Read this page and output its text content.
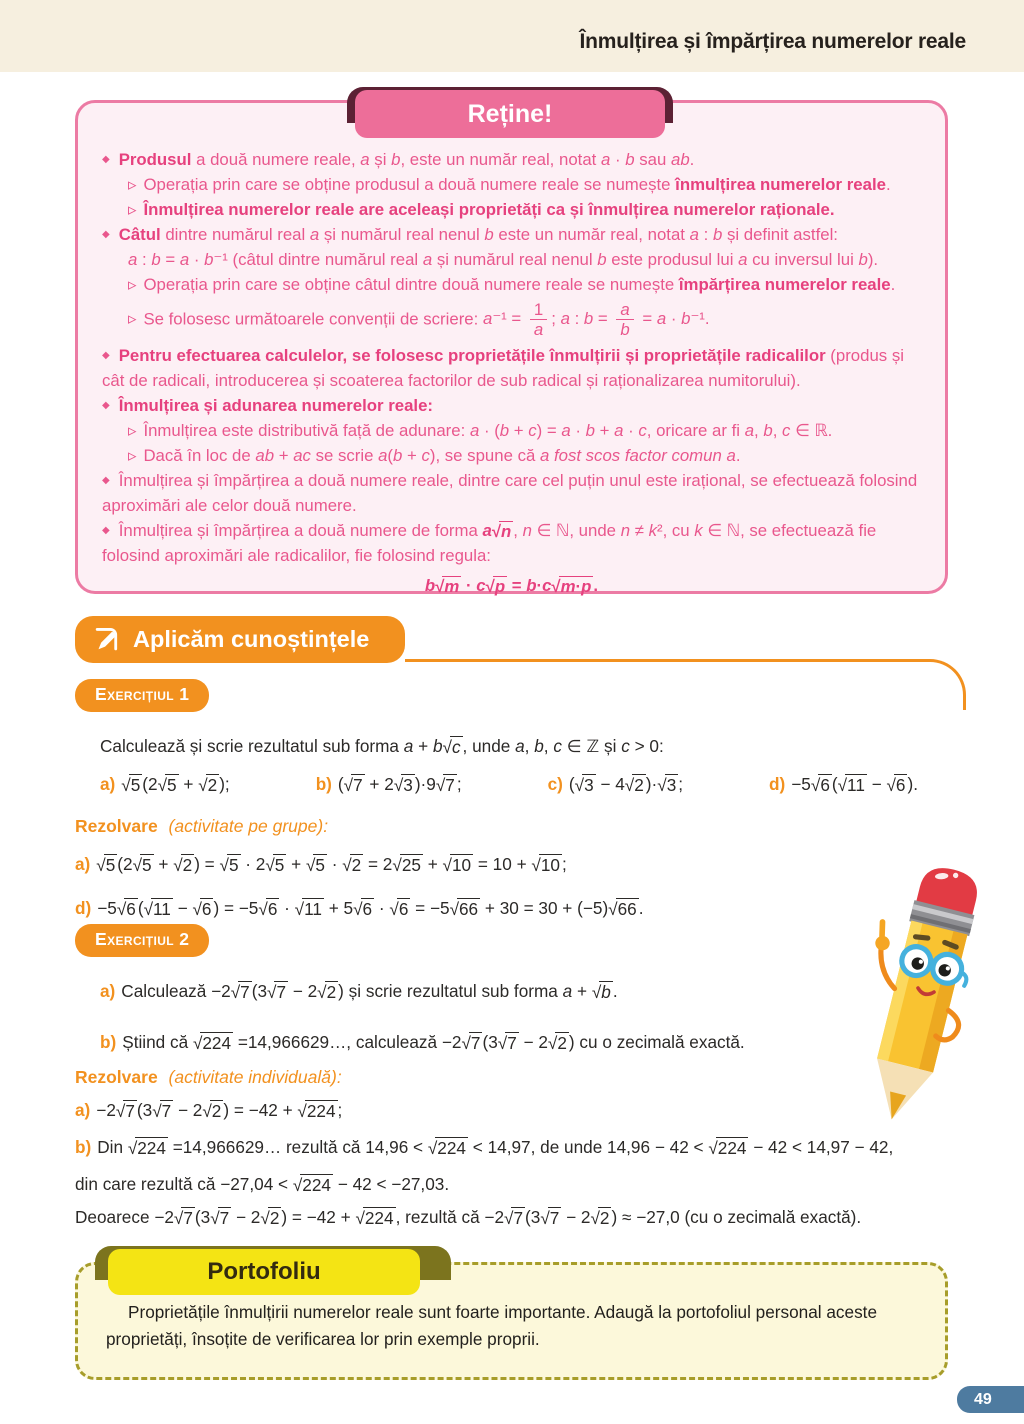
Înmulțirea și împărțirea numerelor reale
◆ Produsul a două numere reale, a și b, este un număr real, notat a · b sau ab.
▹ Operația prin care se obține produsul a două numere reale se numește înmulțirea numerelor reale.
▹ Înmulțirea numerelor reale are aceleași proprietăți ca și înmulțirea numerelor raționale.
◆ Câtul dintre numărul real a și numărul real nenul b este un număr real, notat a : b și definit astfel:
a : b = a · b⁻¹ (câtul dintre numărul real a și numărul real nenul b este produsul lui a cu inversul lui b).
▹ Operația prin care se obține câtul dintre două numere reale se numește împărțirea numerelor reale.
▹ Se folosesc următoarele convenții de scriere: $a^{-1} = \frac{1}{a}$ ; a : $b = \frac{a}{b} = a \cdot b^{-1}$.
◆ Pentru efectuarea calculelor, se folosesc proprietățile înmulțirii și proprietățile radicalilor (produs și cât de radicali, introducerea și scoaterea factorilor de sub radical și raționalizarea numitorului).
◆ Înmulțirea și adunarea numerelor reale:
▹ Înmulțirea este distributivă față de adunare: a · (b + c) = a · b + a · c, oricare ar fi a, b, c ∈ ℝ.
▹ Dacă în loc de ab + ac se scrie a(b + c), se spune că a fost scos factor comun a.
◆ Înmulțirea și împărțirea a două numere reale, dintre care cel puțin unul este irațional, se efectuează folosind aproximări ale celor două numere.
◆ Înmulțirea și împărțirea a două numere de forma a√n , n ∈ ℕ, unde n ≠ k², cu k ∈ ℕ, se efectuează fie folosind aproximări ale radicalilor, fie folosind regula:
b√m · c√p = b·c√m·p .
Reține!
Aplicăm cunoștințele
Exercițiul 1
Calculează și scrie rezultatul sub forma a + b√c , unde a, b, c ∈ ℤ și c > 0:
a) √5 (2√5 + √2 );	b) (√7 + 2√3 )·9√7 ;	c) (√3 − 4√2 )·√3 ;	d) −5√6 (√11 − √6 ).
Rezolvare (activitate pe grupe):
a) √5 (2√5 + √2 ) = √5 · 2√5 + √5 · √2 = 2√25 + √10 = 10 + √10 ;
d) −5√6 (√11 − √6 ) = −5√6 · √11 + 5√6 · √6 = −5√66 + 30 = 30 + (−5)√66 .
Exercițiul 2
a) Calculează −2√7 (3√7 − 2√2 ) și scrie rezultatul sub forma a + √b .
b) Știind că √224 =14,966629…, calculează −2√7 (3√7 − 2√2 ) cu o zecimală exactă.
Rezolvare (activitate individuală):
a) −2√7 (3√7 − 2√2 ) = −42 + √224 ;
b) Din √224 =14,966629… rezultă că 14,96 < √224 < 14,97, de unde 14,96 − 42 < √224 − 42 < 14,97 − 42,
din care rezultă că −27,04 < √224 − 42 < −27,03.
Deoarece −2√7 (3√7 − 2√2 ) = −42 + √224 , rezultă că −2√7 (3√7 − 2√2 ) ≈ −27,0 (cu o zecimală exactă).

Proprietățile înmulțirii numerelor reale sunt foarte importante. Adaugă la portofoliul personal aceste proprietăți, însoțite de verificarea lor prin exemple proprii.

Portofoliu
49
